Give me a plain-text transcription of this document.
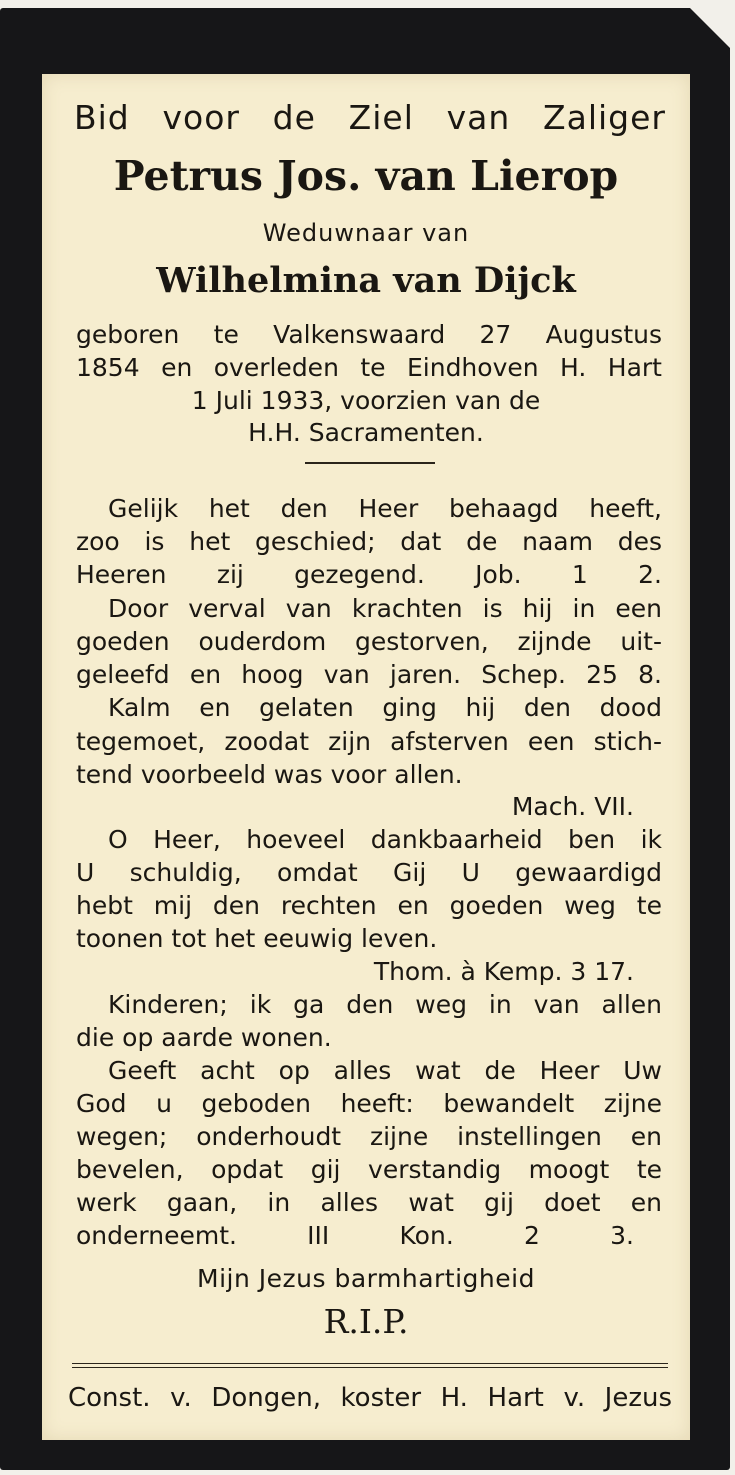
Bid voor de Ziel van Zaliger
Petrus Jos. van Lierop
Weduwnaar van
Wilhelmina van Dijck
geboren te Valkenswaard 27 Augustus
1854 en overleden te Eindhoven H. Hart
1 Juli 1933, voorzien van de
H.H. Sacramenten.
Gelijk het den Heer behaagd heeft,
zoo is het geschied; dat de naam des
Heeren zij gezegend. Job. 1 2.
Door verval van krachten is hij in een
goeden ouderdom gestorven, zijnde uit-
geleefd en hoog van jaren. Schep. 25 8.
Kalm en gelaten ging hij den dood
tegemoet, zoodat zijn afsterven een stich-
tend voorbeeld was voor allen.
Mach. VII.
O Heer, hoeveel dankbaarheid ben ik
U schuldig, omdat Gij U gewaardigd
hebt mij den rechten en goeden weg te
toonen tot het eeuwig leven.
Thom. à Kemp. 3 17.
Kinderen; ik ga den weg in van allen
die op aarde wonen.
Geeft acht op alles wat de Heer Uw
God u geboden heeft: bewandelt zijne
wegen; onderhoudt zijne instellingen en
bevelen, opdat gij verstandig moogt te
werk gaan, in alles wat gij doet en
onderneemt. III Kon. 2 3.
Mijn Jezus barmhartigheid
R.I.P.
Const. v. Dongen, koster H. Hart v. Jezus
